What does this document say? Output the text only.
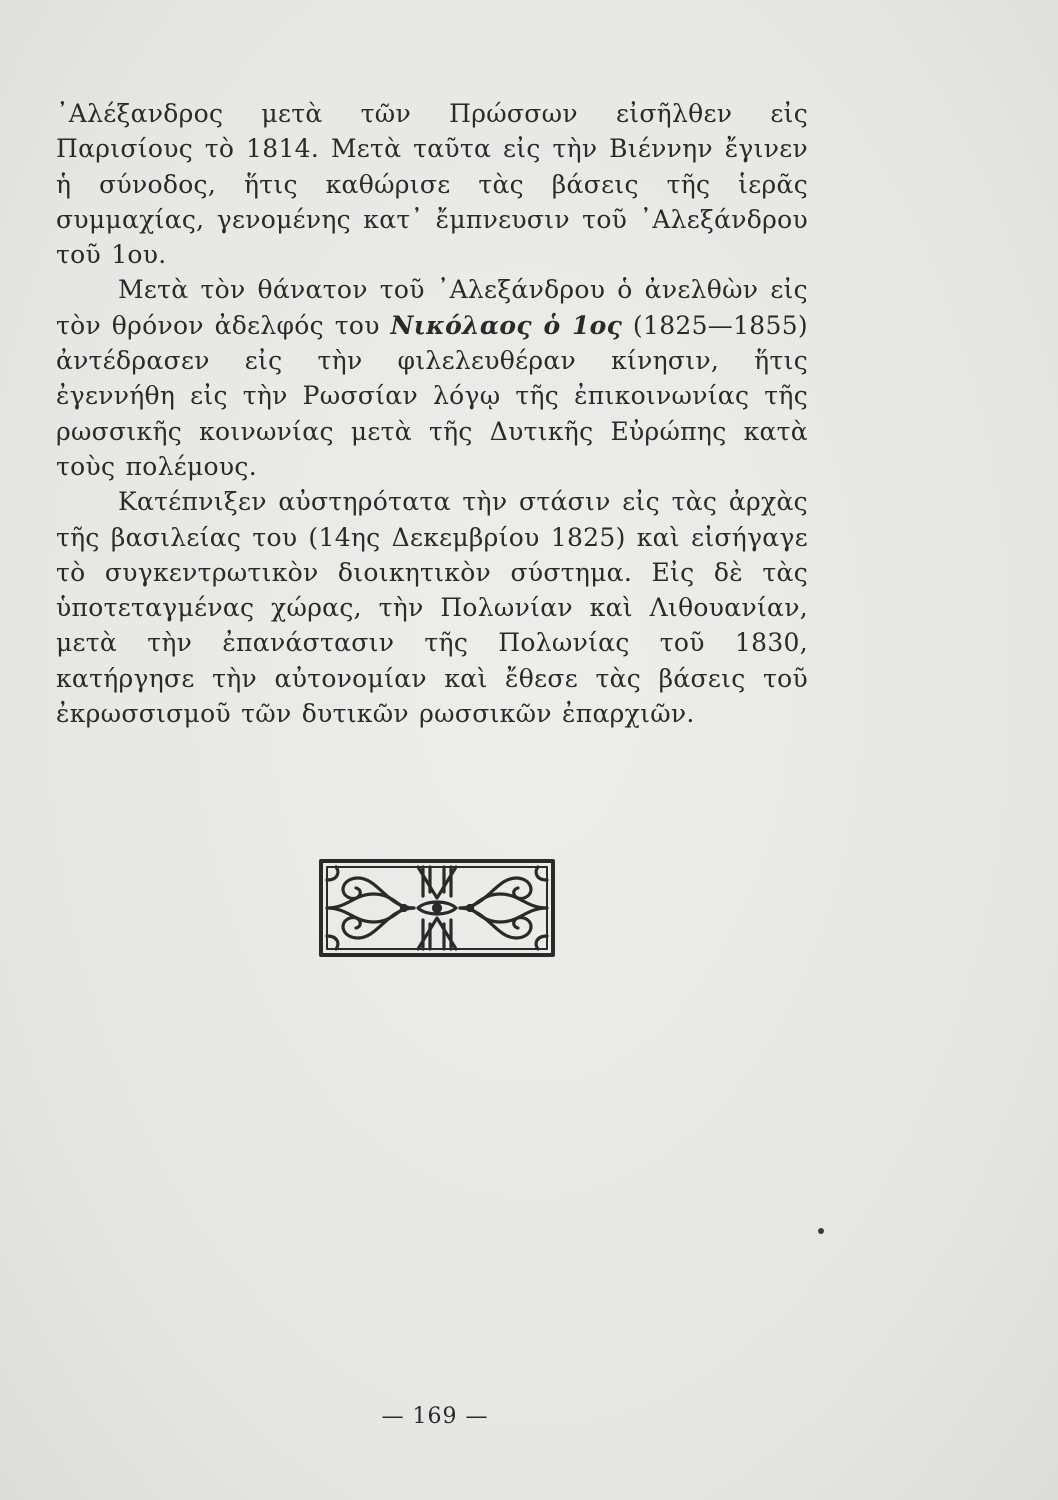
᾿Αλέξανδρος μετὰ τῶν Πρώσσων εἰσῆλθεν εἰς Παρισίους τὸ 1814. Μετὰ ταῦτα εἰς τὴν Βιέννην ἔγινεν ἡ σύνοδος, ἥτις καθώρισε τὰς βάσεις τῆς ἱερᾶς συμμαχίας, γενομένης κατ᾿ ἔμπνευσιν τοῦ ᾿Αλεξάνδρου τοῦ 1ου.

Μετὰ τὸν θάνατον τοῦ ᾿Αλεξάνδρου ὁ ἀνελθὼν εἰς τὸν θρόνον ἀδελφός του Νικόλαος ὁ 1ος (1825—1855) ἀντέδρασεν εἰς τὴν φιλελευθέραν κίνησιν, ἥτις ἐγεννήθη εἰς τὴν Ρωσσίαν λόγῳ τῆς ἐπικοινωνίας τῆς ρωσσικῆς κοινωνίας μετὰ τῆς Δυτικῆς Εὐρώπης κατὰ τοὺς πολέμους.

Κατέπνιξεν αὐστηρότατα τὴν στάσιν εἰς τὰς ἀρχὰς τῆς βασιλείας του (14ης Δεκεμβρίου 1825) καὶ εἰσήγαγε τὸ συγκεντρωτικὸν διοικητικὸν σύστημα. Εἰς δὲ τὰς ὑποτεταγμένας χώρας, τὴν Πολωνίαν καὶ Λιθουανίαν, μετὰ τὴν ἐπανάστασιν τῆς Πολωνίας τοῦ 1830, κατήργησε τὴν αὐτονομίαν καὶ ἔθεσε τὰς βάσεις τοῦ ἐκρωσσισμοῦ τῶν δυτικῶν ρωσσικῶν ἐπαρχιῶν.

— 169 —
